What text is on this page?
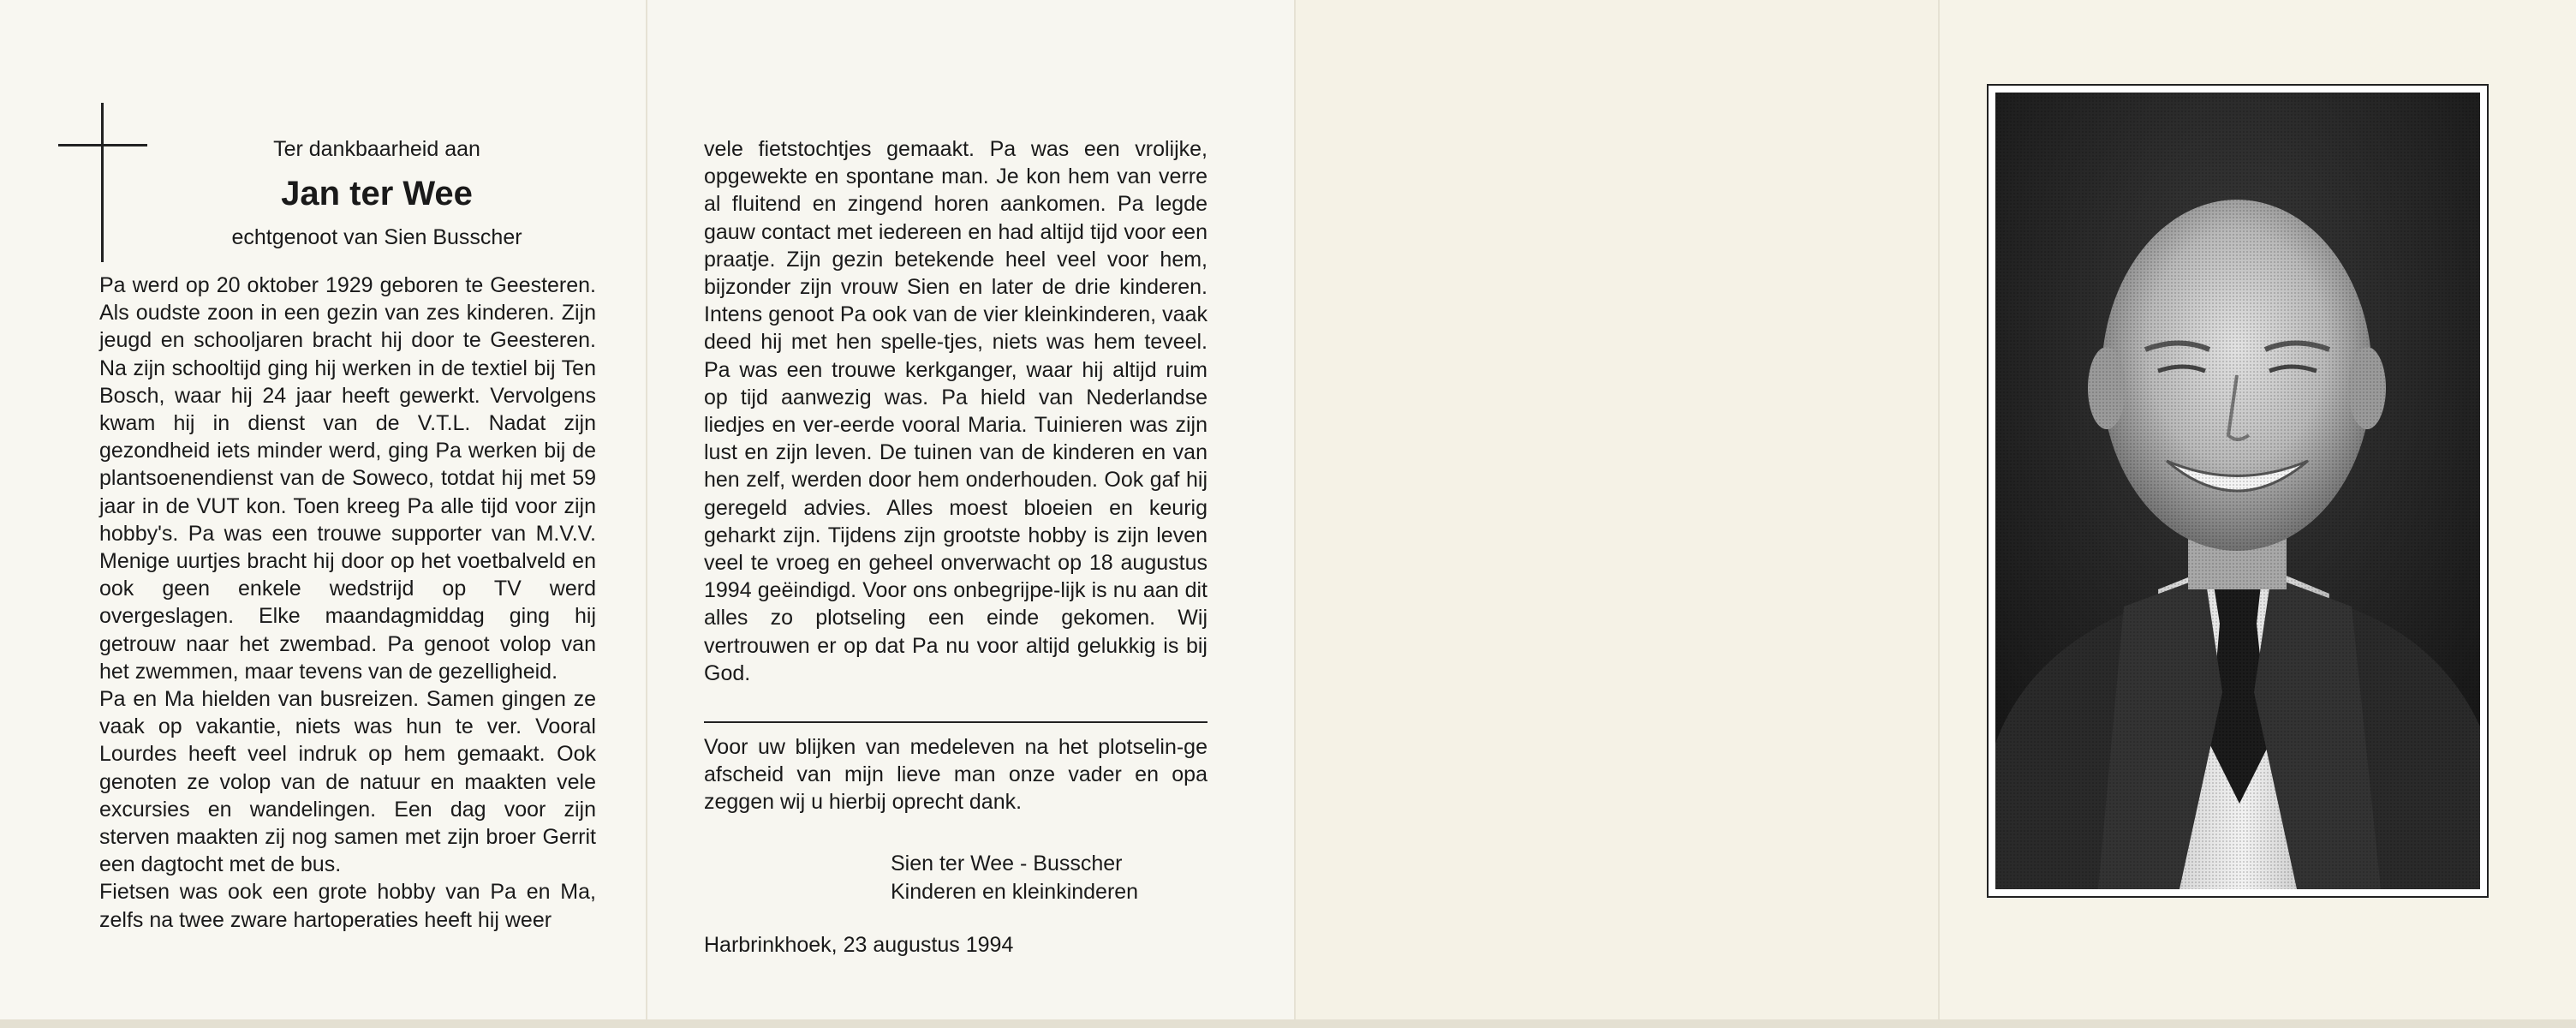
Ter dankbaarheid aan
Jan ter Wee
echtgenoot van Sien Busscher

Pa werd op 20 oktober 1929 geboren te Geesteren. Als oudste zoon in een gezin van zes kinderen. Zijn jeugd en schooljaren bracht hij door te Geesteren. Na zijn schooltijd ging hij werken in de textiel bij Ten Bosch, waar hij 24 jaar heeft gewerkt. Vervolgens kwam hij in dienst van de V.T.L. Nadat zijn gezondheid iets minder werd, ging Pa werken bij de plantsoenendienst van de Soweco, totdat hij met 59 jaar in de VUT kon. Toen kreeg Pa alle tijd voor zijn hobby's. Pa was een trouwe supporter van M.V.V. Menige uurtjes bracht hij door op het voetbalveld en ook geen enkele wedstrijd op TV werd overgeslagen. Elke maandagmiddag ging hij getrouw naar het zwembad. Pa genoot volop van het zwemmen, maar tevens van de gezelligheid.

Pa en Ma hielden van busreizen. Samen gingen ze vaak op vakantie, niets was hun te ver. Vooral Lourdes heeft veel indruk op hem gemaakt. Ook genoten ze volop van de natuur en maakten vele excursies en wandelingen. Een dag voor zijn sterven maakten zij nog samen met zijn broer Gerrit een dagtocht met de bus.

Fietsen was ook een grote hobby van Pa en Ma, zelfs na twee zware hartoperaties heeft hij weer

vele fietstochtjes gemaakt. Pa was een vrolijke, opgewekte en spontane man. Je kon hem van verre al fluitend en zingend horen aankomen. Pa legde gauw contact met iedereen en had altijd tijd voor een praatje. Zijn gezin betekende heel veel voor hem, bijzonder zijn vrouw Sien en later de drie kinderen. Intens genoot Pa ook van de vier kleinkinderen, vaak deed hij met hen spelle-tjes, niets was hem teveel. Pa was een trouwe kerkganger, waar hij altijd ruim op tijd aanwezig was. Pa hield van Nederlandse liedjes en ver-eerde vooral Maria. Tuinieren was zijn lust en zijn leven. De tuinen van de kinderen en van hen zelf, werden door hem onderhouden. Ook gaf hij geregeld advies. Alles moest bloeien en keurig geharkt zijn. Tijdens zijn grootste hobby is zijn leven veel te vroeg en geheel onverwacht op 18 augustus 1994 geëindigd. Voor ons onbegrijpe-lijk is nu aan dit alles zo plotseling een einde gekomen. Wij vertrouwen er op dat Pa nu voor altijd gelukkig is bij God.

Voor uw blijken van medeleven na het plotselin-ge afscheid van mijn lieve man onze vader en opa zeggen wij u hierbij oprecht dank.

Sien ter Wee - Busscher
Kinderen en kleinkinderen
Harbrinkhoek, 23 augustus 1994
